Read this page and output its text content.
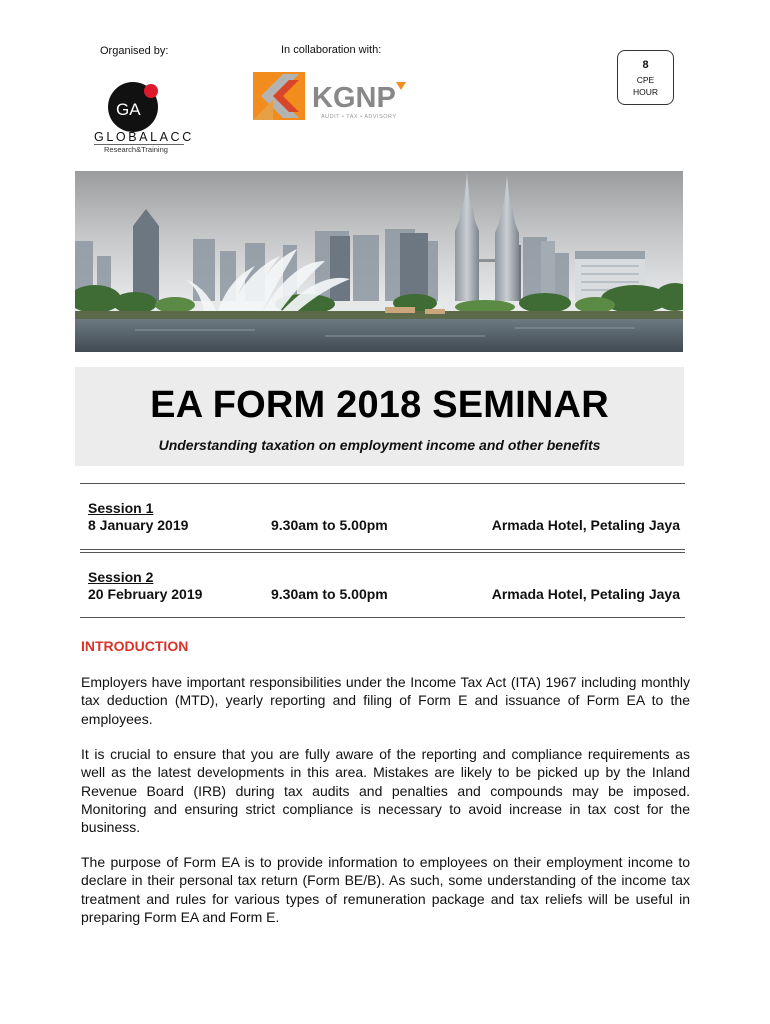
Organised by:	In collaboration with:
GA
GLOBALACC
Research&Training
KGNP
AUDIT • TAX • ADVISORY
8
CPE
HOUR
EA FORM 2018 SEMINAR
Understanding taxation on employment income and other benefits
Session 1
8 January 2019	9.30am to 5.00pm	Armada Hotel, Petaling Jaya
Session 2
20 February 2019	9.30am to 5.00pm	Armada Hotel, Petaling Jaya
INTRODUCTION

Employers have important responsibilities under the Income Tax Act (ITA) 1967 including monthly tax deduction (MTD), yearly reporting and filing of Form E and issuance of Form EA to the employees.

It is crucial to ensure that you are fully aware of the reporting and compliance requirements as well as the latest developments in this area. Mistakes are likely to be picked up by the Inland Revenue Board (IRB) during tax audits and penalties and compounds may be imposed. Monitoring and ensuring strict compliance is necessary to avoid increase in tax cost for the business.

The purpose of Form EA is to provide information to employees on their employment income to declare in their personal tax return (Form BE/B). As such, some understanding of the income tax treatment and rules for various types of remuneration package and tax reliefs will be useful in preparing Form EA and Form E.
